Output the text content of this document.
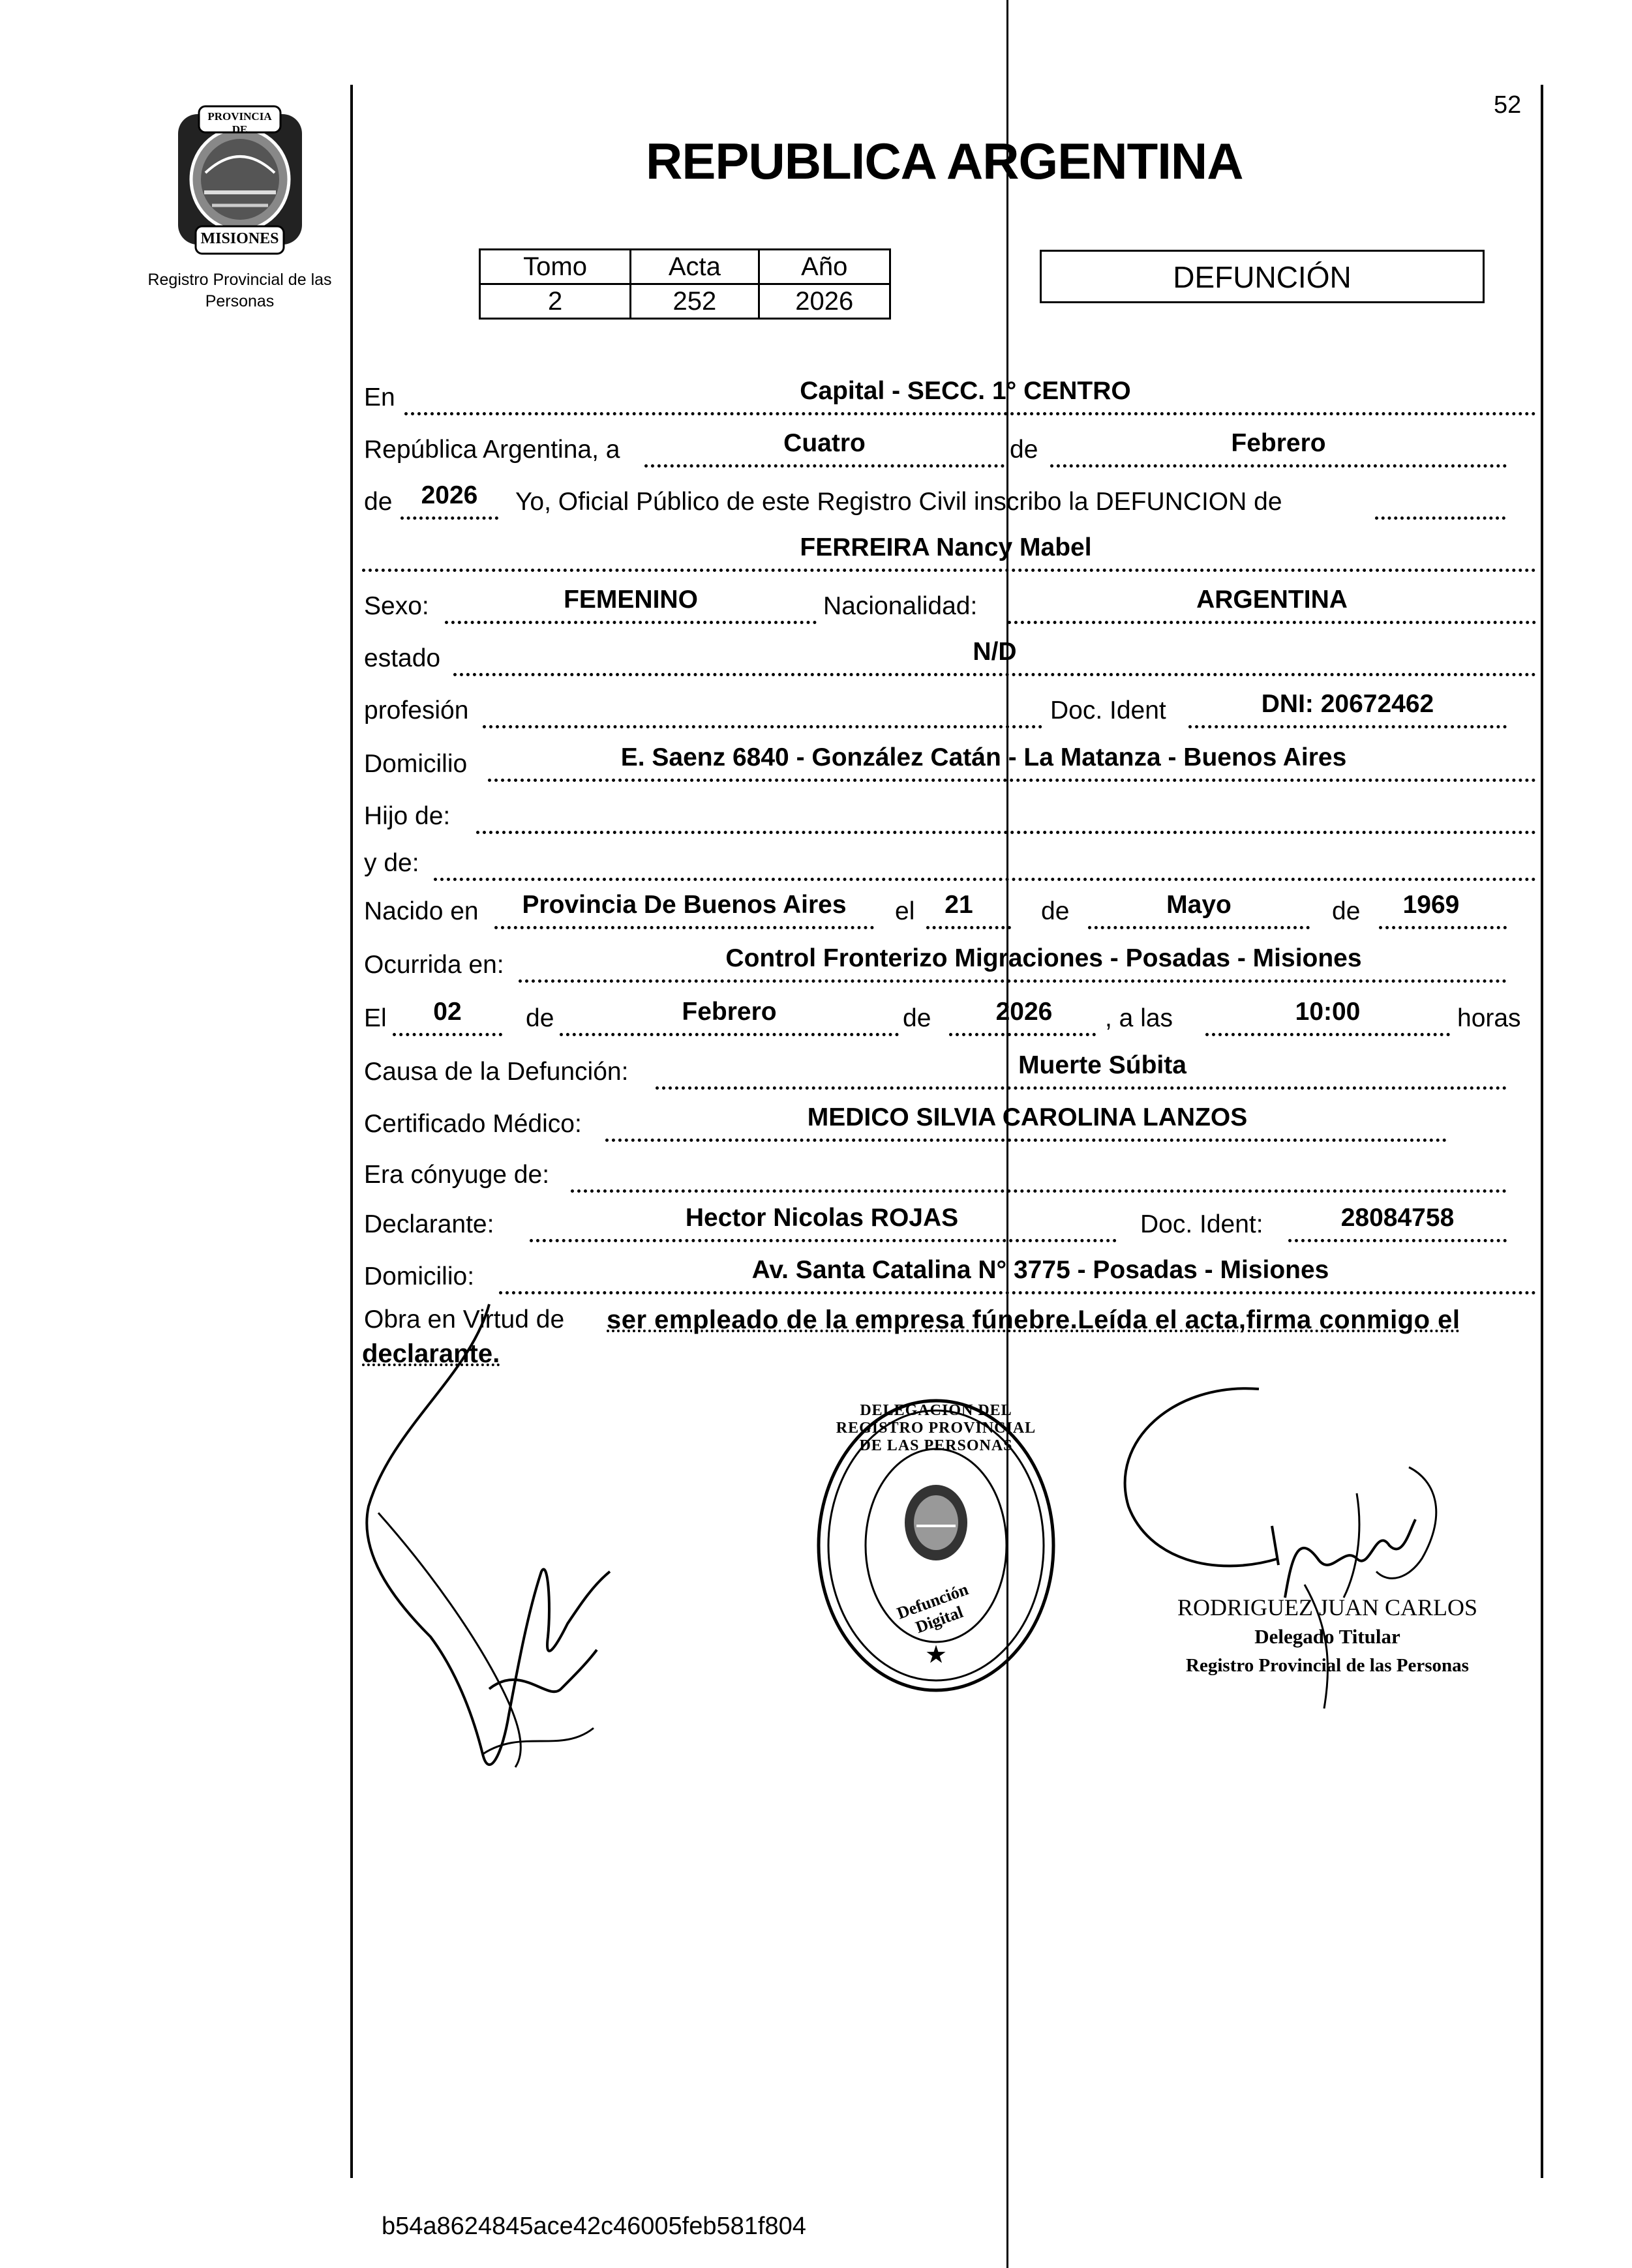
PROVINCIA DE
MISIONES
Registro Provincial de las Personas
52
REPUBLICA ARGENTINA
Tomo	Acta	Año
2	252	2026
DEFUNCIÓN
En	Capital - SECC. 1° CENTRO
República Argentina, a	Cuatro	de	Febrero
de	2026	Yo, Oficial Público de este Registro Civil inscribo la DEFUNCION de
FERREIRA Nancy Mabel
Sexo:	FEMENINO	Nacionalidad:	ARGENTINA
estado	N/D
profesión	Doc. Ident	DNI: 20672462
Domicilio	E. Saenz 6840 - González Catán - La Matanza - Buenos Aires
Hijo de:
y de:
Nacido en	Provincia De Buenos Aires	el	21	de	Mayo	de	1969
Ocurrida en:	Control Fronterizo Migraciones - Posadas - Misiones
El	02	de	Febrero	de	2026	, a las	10:00	horas
Causa de la Defunción:	Muerte Súbita
Certificado Médico:	MEDICO SILVIA CAROLINA LANZOS
Era cónyuge de:
Declarante:	Hector Nicolas ROJAS	Doc. Ident:	28084758
Domicilio:	Av. Santa Catalina N° 3775 - Posadas - Misiones
Obra en Virtud de ser empleado de la empresa fúnebre.Leída el acta,firma conmigo el
declarante.
★
DELEGACION DEL REGISTRO PROVINCIAL DE LAS PERSONAS
Defunción Digital	RODRIGUEZ JUAN CARLOS
Delegado Titular
Registro Provincial de las Personas
b54a8624845ace42c46005feb581f804
